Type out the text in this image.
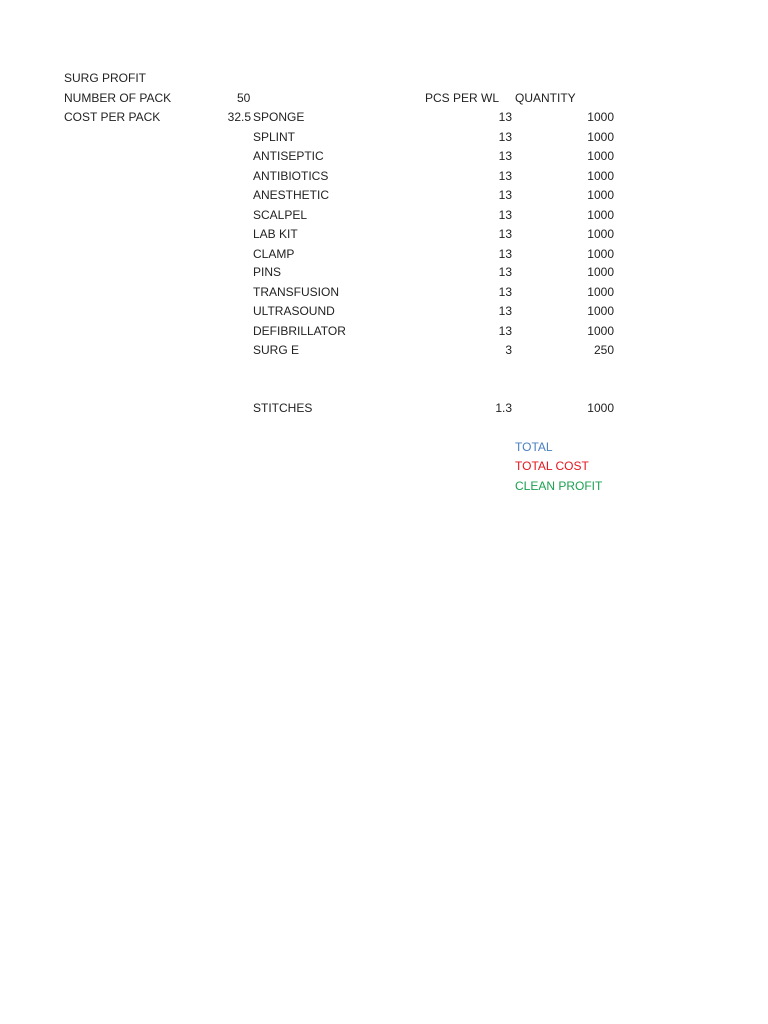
SURG PROFIT
NUMBER OF PACK	50	PCS PER WL QUANTITY
COST PER PACK	32.5 SPONGE	13	1000
SPLINT	13	1000
ANTISEPTIC	13	1000
ANTIBIOTICS	13	1000
ANESTHETIC	13	1000
SCALPEL	13	1000
LAB KIT	13	1000
CLAMP	13	1000
PINS	13	1000
TRANSFUSION	13	1000
ULTRASOUND	13	1000
DEFIBRILLATOR	13	1000
SURG E	3	250
STITCHES	1.3	1000
TOTAL
TOTAL COST
CLEAN PROFIT
